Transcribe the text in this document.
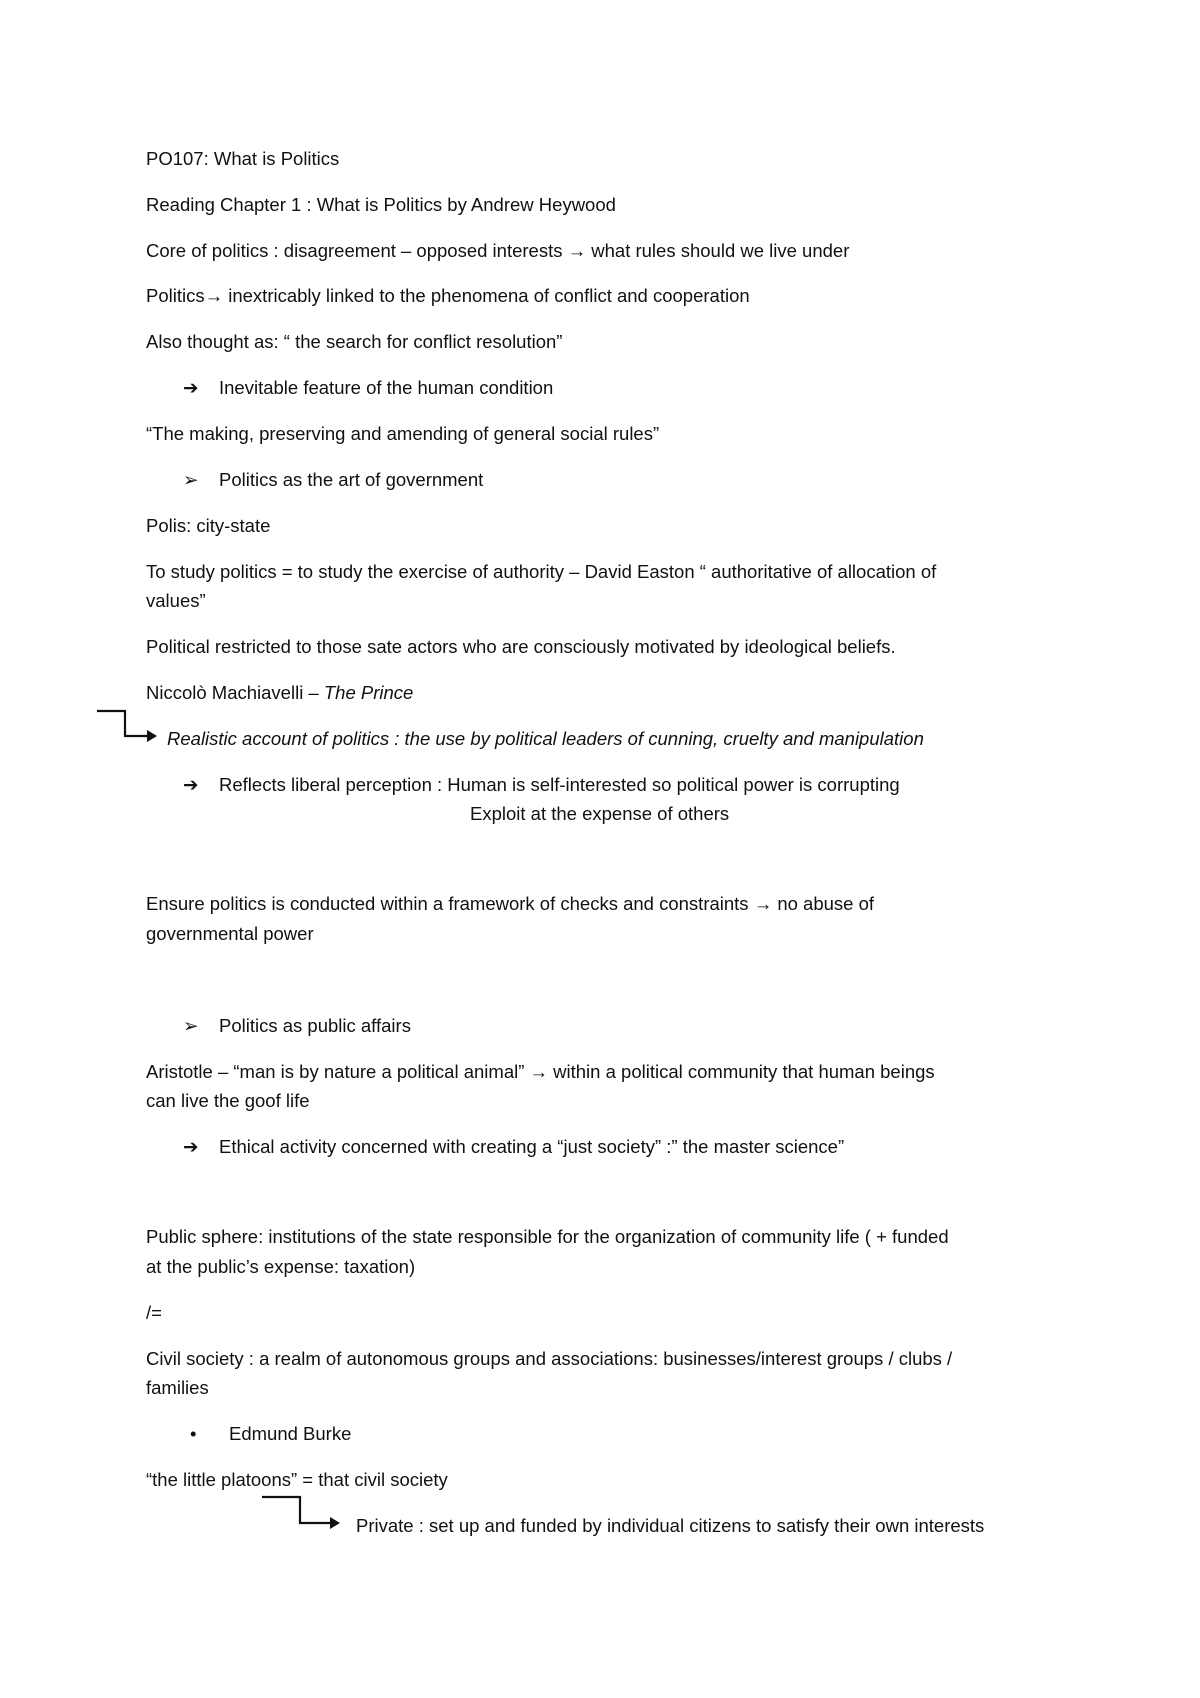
PO107: What is Politics
Reading Chapter 1 : What is Politics by Andrew Heywood
Core of politics : disagreement – opposed interests → what rules should we live under
Politics→ inextricably linked to the phenomena of conflict and cooperation
Also thought as: “ the search for conflict resolution”
➔ Inevitable feature of the human condition
“The making, preserving and amending of general social rules”
➢ Politics as the art of government
Polis: city-state
To study politics = to study the exercise of authority – David Easton “ authoritative of allocation of
values”
Political restricted to those sate actors who are consciously motivated by ideological beliefs.
Niccolò Machiavelli – The Prince
Realistic account of politics : the use by political leaders of cunning, cruelty and manipulation
➔ Reflects liberal perception : Human is self-interested so political power is corrupting
Exploit at the expense of others
Ensure politics is conducted within a framework of checks and constraints → no abuse of
governmental power
➢ Politics as public affairs
Aristotle – “man is by nature a political animal” → within a political community that human beings
can live the goof life
➔ Ethical activity concerned with creating a “just society” :” the master science”
Public sphere: institutions of the state responsible for the organization of community life ( + funded
at the public’s expense: taxation)
/=
Civil society : a realm of autonomous groups and associations: businesses/interest groups / clubs /
families
• Edmund Burke
“the little platoons” = that civil society
Private : set up and funded by individual citizens to satisfy their own interests
